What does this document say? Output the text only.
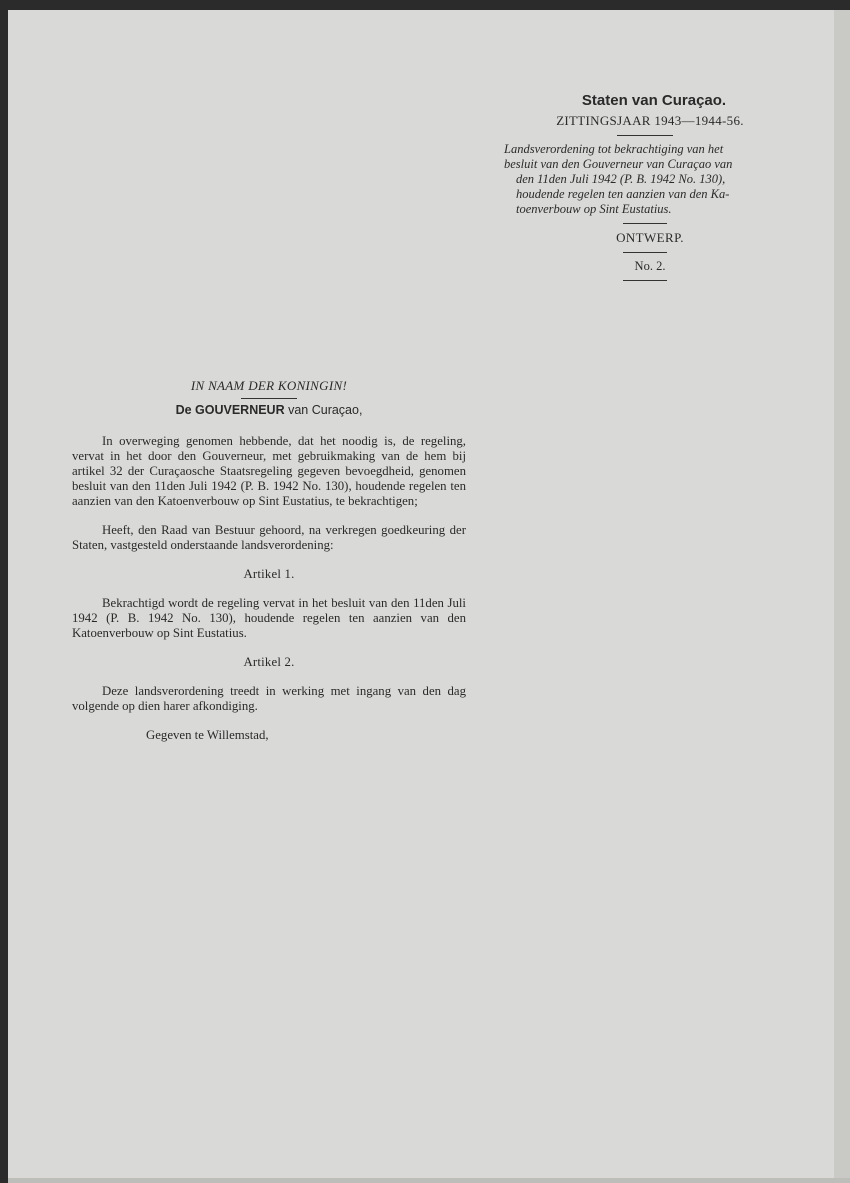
Staten van Curaçao.
ZITTINGSJAAR 1943—1944-56.
Landsverordening tot bekrachtiging van het
besluit van den Gouverneur van Curaçao van
den 11den Juli 1942 (P. B. 1942 No. 130),
houdende regelen ten aanzien van den Ka-
toenverbouw op Sint Eustatius.
ONTWERP.
No. 2.
IN NAAM DER KONINGIN!
De GOUVERNEUR van Curaçao,

In overweging genomen hebbende, dat het noodig is, de regeling, vervat in het door den Gouverneur, met gebruikmaking van de hem bij artikel 32 der Curaçaosche Staatsregeling gegeven bevoegdheid, genomen besluit van den 11den Juli 1942 (P. B. 1942 No. 130), houdende regelen ten aanzien van den Katoenverbouw op Sint Eustatius, te bekrachtigen;

Heeft, den Raad van Bestuur gehoord, na verkregen goedkeuring der Staten, vastgesteld onderstaande landsverordening:

Artikel 1.

Bekrachtigd wordt de regeling vervat in het besluit van den 11den Juli 1942 (P. B. 1942 No. 130), houdende regelen ten aanzien van den Katoenverbouw op Sint Eustatius.

Artikel 2.

Deze landsverordening treedt in werking met ingang van den dag volgende op dien harer afkondiging.

Gegeven te Willemstad,
